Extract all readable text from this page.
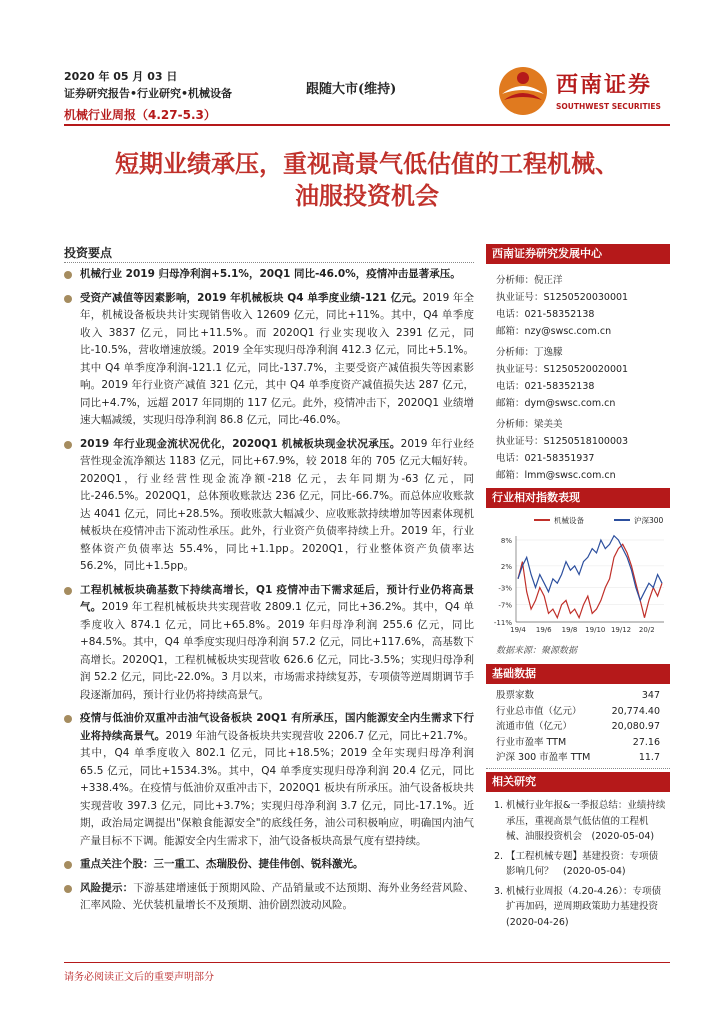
2020 年 05 月 03 日
证券研究报告•行业研究•机械设备
机械行业周报（4.27-5.3）
跟随大市(维持)	西南证券
SOUTHWEST SECURITIES
短期业绩承压，重视高景气低估值的工程机械、
油服投资机会
投资要点
机械行业 2019 归母净利润+5.1%，20Q1 同比-46.0%，疫情冲击显著承压。
受资产减值等因素影响，2019 年机械板块 Q4 单季度业绩-121 亿元。2019 年全年，机械设备板块共计实现销售收入 12609 亿元，同比+11%。其中，Q4 单季度收入 3837 亿元，同比+11.5%。而 2020Q1 行业实现收入 2391 亿元，同比-10.5%，营收增速放缓。2019 全年实现归母净利润 412.3 亿元，同比+5.1%。其中 Q4 单季度净利润-121.1 亿元，同比-137.7%，主要受资产减值损失等因素影响。2019 年行业资产减值 321 亿元，其中 Q4 单季度资产减值损失达 287 亿元，同比+4.7%，远超 2017 年同期的 117 亿元。此外，疫情冲击下，2020Q1 业绩增速大幅减缓，实现归母净利润 86.8 亿元，同比-46.0%。
2019 年行业现金流状况优化，2020Q1 机械板块现金状况承压。2019 年行业经营性现金流净额达 1183 亿元，同比+67.9%，较 2018 年的 705 亿元大幅好转。2020Q1，行业经营性现金流净额-218 亿元，去年同期为-63 亿元，同比-246.5%。2020Q1，总体预收账款达 236 亿元，同比-66.7%。而总体应收账款达 4041 亿元，同比+28.5%。预收账款大幅减少、应收账款持续增加等因素体现机械板块在疫情冲击下流动性承压。此外，行业资产负债率持续上升。2019 年，行业整体资产负债率达 55.4%，同比+1.1pp。2020Q1，行业整体资产负债率达 56.2%，同比+1.5pp。
工程机械板块确基数下持续高增长，Q1 疫情冲击下需求延后，预计行业仍将高景气。2019 年工程机械板块共实现营收 2809.1 亿元，同比+36.2%。其中，Q4 单季度收入 874.1 亿元，同比+65.8%。2019 年归母净利润 255.6 亿元，同比+84.5%。其中，Q4 单季度实现归母净利润 57.2 亿元，同比+117.6%，高基数下高增长。2020Q1，工程机械板块实现营收 626.6 亿元，同比-3.5%；实现归母净利润 52.2 亿元，同比-22.0%。3 月以来，市场需求持续复苏，专项债等逆周期调节手段逐渐加码，预计行业仍将持续高景气。
疫情与低油价双重冲击油气设备板块 20Q1 有所承压，国内能源安全内生需求下行业将持续高景气。2019 年油气设备板块共实现营收 2206.7 亿元，同比+21.7%。其中，Q4 单季度收入 802.1 亿元，同比+18.5%；2019 全年实现归母净利润 65.5 亿元，同比+1534.3%。其中，Q4 单季度实现归母净利润 20.4 亿元，同比+338.4%。在疫情与低油价双重冲击下，2020Q1 板块有所承压。油气设备板块共实现营收 397.3 亿元，同比+3.7%；实现归母净利润 3.7 亿元，同比-17.1%。近期，政治局定调提出"保粮食能源安全"的底线任务，油公司积极响应，明确国内油气产量目标不下调。能源安全内生需求下，油气设备板块高景气度有望持续。
重点关注个股：三一重工、杰瑞股份、捷佳伟创、锐科激光。
风险提示：下游基建增速低于预期风险、产品销量或不达预期、海外业务经营风险、汇率风险、光伏装机量增长不及预期、油价剧烈波动风险。
西南证券研究发展中心
分析师：倪正洋
执业证号：S1250520030001
电话：021-58352138
邮箱：nzy@swsc.com.cn
分析师：丁逸朦
执业证号：S1250520020001
电话：021-58352138
邮箱：dym@swsc.com.cn
分析师：梁美美
执业证号：S1250518100003
电话：021-58351937
邮箱：lmm@swsc.com.cn
行业相对指数表现
机械设备	沪深300
8%
2%
-3%
-7%
-11%
19/4 19/6 19/8 19/10 19/12 20/2
数据来源：聚源数据
基础数据
股票家数	347
行业总市值（亿元）	20,774.40
流通市值（亿元）	20,080.97
行业市盈率 TTM	27.16
沪深 300 市盈率 TTM	11.7
相关研究
1. 机械行业年报&一季报总结：业绩持续承压，重视高景气低估值的工程机械、油服投资机会　(2020-05-04)
2. 【工程机械专题】基建投资：专项债影响几何？　(2020-05-04)
3. 机械行业周报（4.20-4.26）：专项债扩再加码，逆周期政策助力基建投资　(2020-04-26)
请务必阅读正文后的重要声明部分
